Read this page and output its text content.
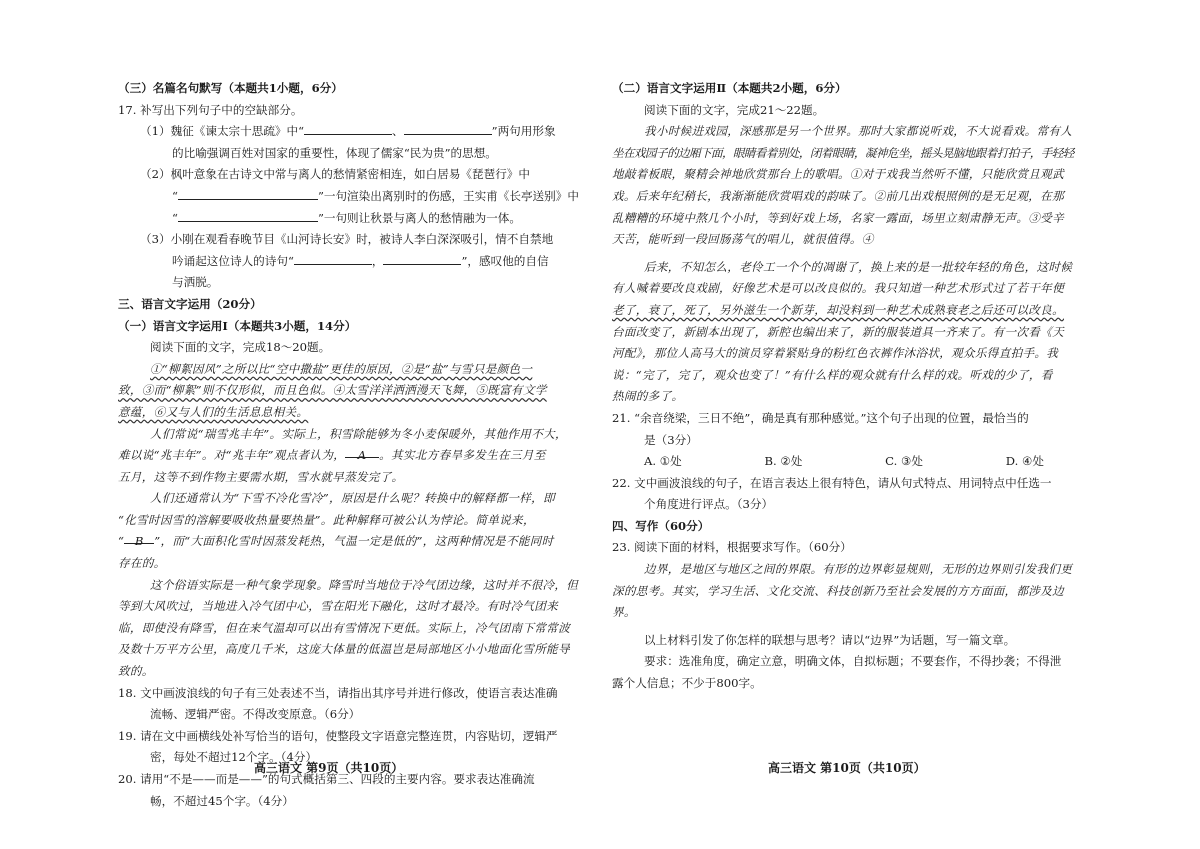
（三）名篇名句默写（本题共1小题，6分）

17. 补写出下列句子中的空缺部分。

（1）魏征《谏太宗十思疏》中“	、	”两句用形象

的比喻强调百姓对国家的重要性，体现了儒家“民为贵”的思想。

（2）枫叶意象在古诗文中常与离人的愁情紧密相连，如白居易《琵琶行》中

“	”一句渲染出离别时的伤感，王实甫《长亭送别》中

“	”一句则让秋景与离人的愁情融为一体。

（3）小刚在观看春晚节目《山河诗长安》时，被诗人李白深深吸引，情不自禁地

吟诵起这位诗人的诗句“	，	”，感叹他的自信

与洒脱。

三、语言文字运用（20分）

（一）语言文字运用Ⅰ（本题共3小题，14分）

阅读下面的文字，完成18～20题。

①“柳絮因风”之所以比“空中撒盐”更佳的原因，②是“盐”与雪只是颜色一

致，③而“柳絮”则不仅形似，而且色似。④太雪洋洋洒洒漫天飞舞，⑤既富有文学

意蕴，⑥又与人们的生活息息相关。

人们常说“瑞雪兆丰年”。实际上，积雪除能够为冬小麦保暖外，其他作用不大，

难以说“兆丰年”。对“兆丰年”观点者认为， A 。其实北方春旱多发生在三月至

五月，这等不到作物主要需水期，雪水就早蒸发完了。

人们还通常认为“下雪不冷化雪冷”，原因是什么呢？转换中的解释都一样，即

“化雪时因雪的溶解要吸收热量要热量”。此种解释可被公认为悖论。简单说来，

“ B ”，而“大面积化雪时因蒸发耗热，气温一定是低的”，这两种情况是不能同时

存在的。

这个俗语实际是一种气象学现象。降雪时当地位于冷气团边缘，这时并不很冷，但

等到大风吹过，当地进入冷气团中心，雪在阳光下融化，这时才最冷。有时冷气团来

临，即使没有降雪，但在来气温却可以出有雪情况下更低。实际上，冷气团南下常常波

及数十万平方公里，高度几千米，这庞大体量的低温岂是局部地区小小地面化雪所能导

致的。

18. 文中画波浪线的句子有三处表述不当，请指出其序号并进行修改，使语言表达准确

流畅、逻辑严密。不得改变原意。（6分）

19. 请在文中画横线处补写恰当的语句，使整段文字语意完整连贯，内容贴切，逻辑严

密，每处不超过12个字。（4分）

20. 请用“不是——而是——”的句式概括第三、四段的主要内容。要求表达准确流

畅，不超过45个字。（4分）

（二）语言文字运用Ⅱ（本题共2小题，6分）

阅读下面的文字，完成21～22题。

我小时候进戏园，深感那是另一个世界。那时大家都说听戏，不大说看戏。常有人

坐在戏园子的边厢下面，眼睛看着别处，闭着眼睛，凝神危坐，摇头晃脑地跟着打拍子，手轻轻

地敲着板眼，聚精会神地欣赏那台上的歌唱。①对于戏我当然听不懂，只能欣赏且观武

戏。后来年纪稍长，我渐渐能欣赏唱戏的韵味了。②前几出戏根照例的是无足观，在那

乱糟糟的环境中熬几个小时，等到好戏上场，名家一露面，场里立刻肃静无声。③受辛

天苦，能听到一段回肠荡气的唱儿，就很值得。④

后来，不知怎么，老伶工一个个的凋谢了，换上来的是一批较年轻的角色，这时候

有人喊着要改良戏剧，好像艺术是可以改良似的。我只知道一种艺术形式过了若干年便

老了，衰了，死了，另外滋生一个新芽，却没料到一种艺术成熟衰老之后还可以改良。

台面改变了，新剧本出现了，新腔也编出来了，新的服装道具一齐来了。有一次看《天

河配》，那位人高马大的演员穿着紧贴身的粉红色衣裤作沐浴状，观众乐得直拍手。我

说：“完了，完了，观众也变了！”有什么样的观众就有什么样的戏。听戏的少了，看

热闹的多了。

21. “余音绕梁，三日不绝”，确是真有那种感觉。”这个句子出现的位置，最恰当的

是（3分）

A. ①处	B. ②处	C. ③处	D. ④处

22. 文中画波浪线的句子，在语言表达上很有特色，请从句式特点、用词特点中任选一

个角度进行评点。（3分）

四、写作（60分）

23. 阅读下面的材料，根据要求写作。（60分）

边界，是地区与地区之间的界限。有形的边界彰显规则，无形的边界则引发我们更

深的思考。其实，学习生活、文化交流、科技创新乃至社会发展的方方面面，都涉及边

界。

以上材料引发了你怎样的联想与思考？请以“边界”为话题，写一篇文章。

要求：选准角度，确定立意，明确文体，自拟标题；不要套作，不得抄袭；不得泄

露个人信息；不少于800字。

高三语文 第9页（共10页）	高三语文 第10页（共10页）
